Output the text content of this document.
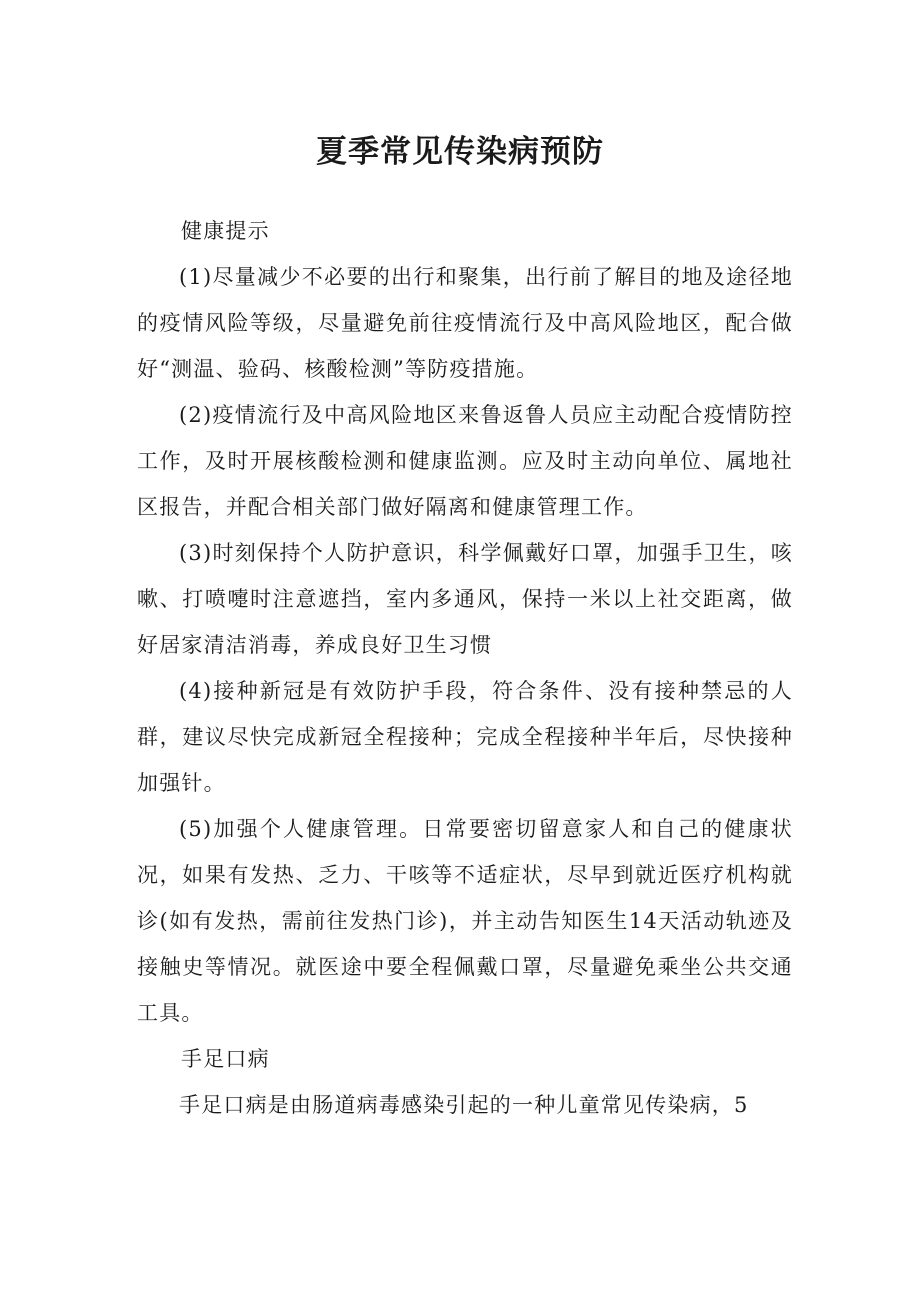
夏季常见传染病预防

健康提示

(1)尽量减少不必要的出行和聚集，出行前了解目的地及途径地的疫情风险等级，尽量避免前往疫情流行及中高风险地区，配合做好“测温、验码、核酸检测”等防疫措施。

(2)疫情流行及中高风险地区来鲁返鲁人员应主动配合疫情防控工作，及时开展核酸检测和健康监测。应及时主动向单位、属地社区报告，并配合相关部门做好隔离和健康管理工作。

(3)时刻保持个人防护意识，科学佩戴好口罩，加强手卫生，咳嗽、打喷嚏时注意遮挡，室内多通风，保持一米以上社交距离，做好居家清洁消毒，养成良好卫生习惯

(4)接种新冠是有效防护手段，符合条件、没有接种禁忌的人群，建议尽快完成新冠全程接种；完成全程接种半年后，尽快接种加强针。

(5)加强个人健康管理。日常要密切留意家人和自己的健康状况，如果有发热、乏力、干咳等不适症状，尽早到就近医疗机构就诊(如有发热，需前往发热门诊)，并主动告知医生14天活动轨迹及接触史等情况。就医途中要全程佩戴口罩，尽量避免乘坐公共交通工具。

手足口病

手足口病是由肠道病毒感染引起的一种儿童常见传染病，5
